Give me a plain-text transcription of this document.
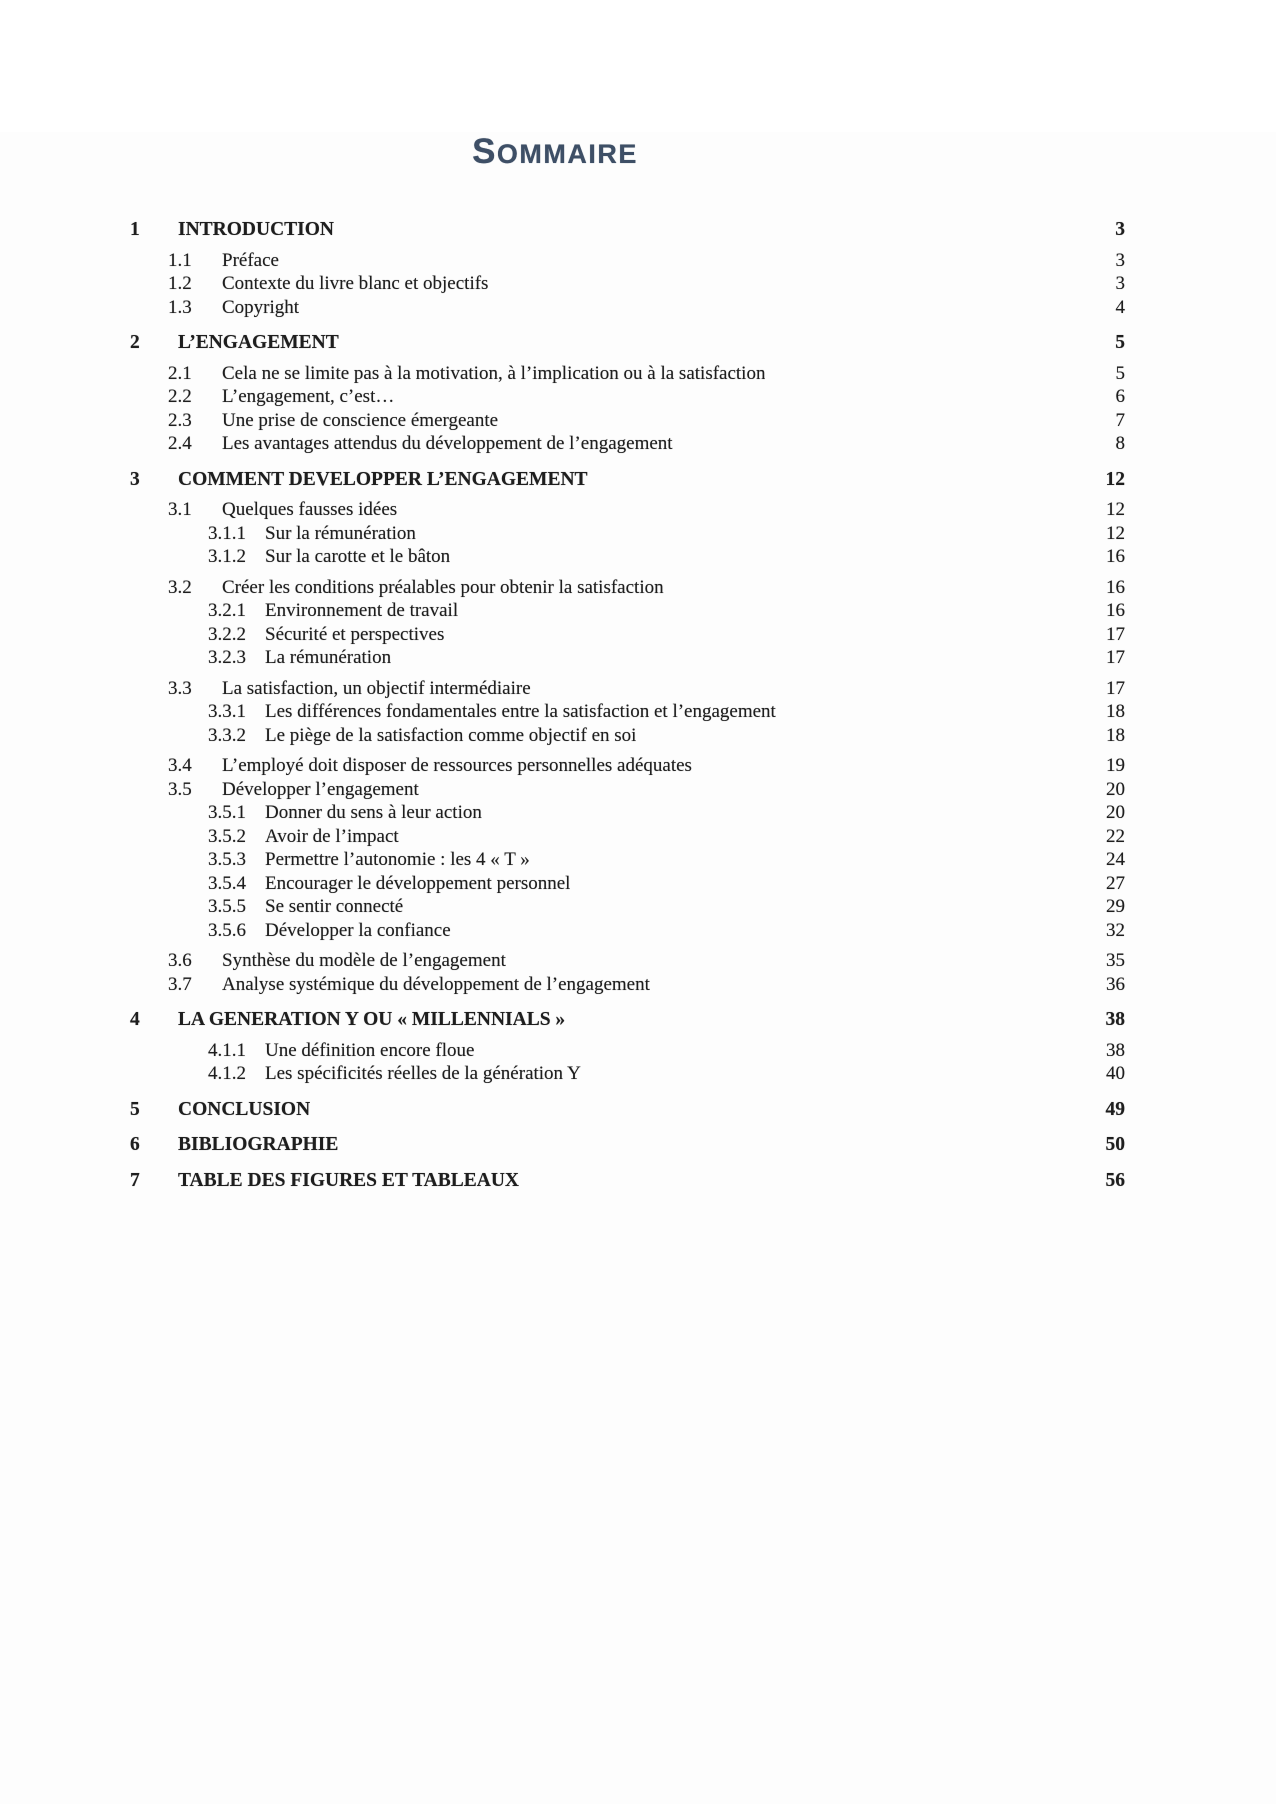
SOMMAIRE
1	INTRODUCTION	3
1.1	Préface	3
1.2	Contexte du livre blanc et objectifs	3
1.3	Copyright	4
2	L’ENGAGEMENT	5
2.1	Cela ne se limite pas à la motivation, à l’implication ou à la satisfaction	5
2.2	L’engagement, c’est…	6
2.3	Une prise de conscience émergeante	7
2.4	Les avantages attendus du développement de l’engagement	8
3	COMMENT DEVELOPPER L’ENGAGEMENT	12
3.1	Quelques fausses idées	12
3.1.1	Sur la rémunération	12
3.1.2	Sur la carotte et le bâton	16
3.2	Créer les conditions préalables pour obtenir la satisfaction	16
3.2.1	Environnement de travail	16
3.2.2	Sécurité et perspectives	17
3.2.3	La rémunération	17
3.3	La satisfaction, un objectif intermédiaire	17
3.3.1	Les différences fondamentales entre la satisfaction et l’engagement	18
3.3.2	Le piège de la satisfaction comme objectif en soi	18
3.4	L’employé doit disposer de ressources personnelles adéquates	19
3.5	Développer l’engagement	20
3.5.1	Donner du sens à leur action	20
3.5.2	Avoir de l’impact	22
3.5.3	Permettre l’autonomie : les 4 « T »	24
3.5.4	Encourager le développement personnel	27
3.5.5	Se sentir connecté	29
3.5.6	Développer la confiance	32
3.6	Synthèse du modèle de l’engagement	35
3.7	Analyse systémique du développement de l’engagement	36
4	LA GENERATION Y OU « MILLENNIALS »	38
4.1.1	Une définition encore floue	38
4.1.2	Les spécificités réelles de la génération Y	40
5	CONCLUSION	49
6	BIBLIOGRAPHIE	50
7	TABLE DES FIGURES ET TABLEAUX	56
